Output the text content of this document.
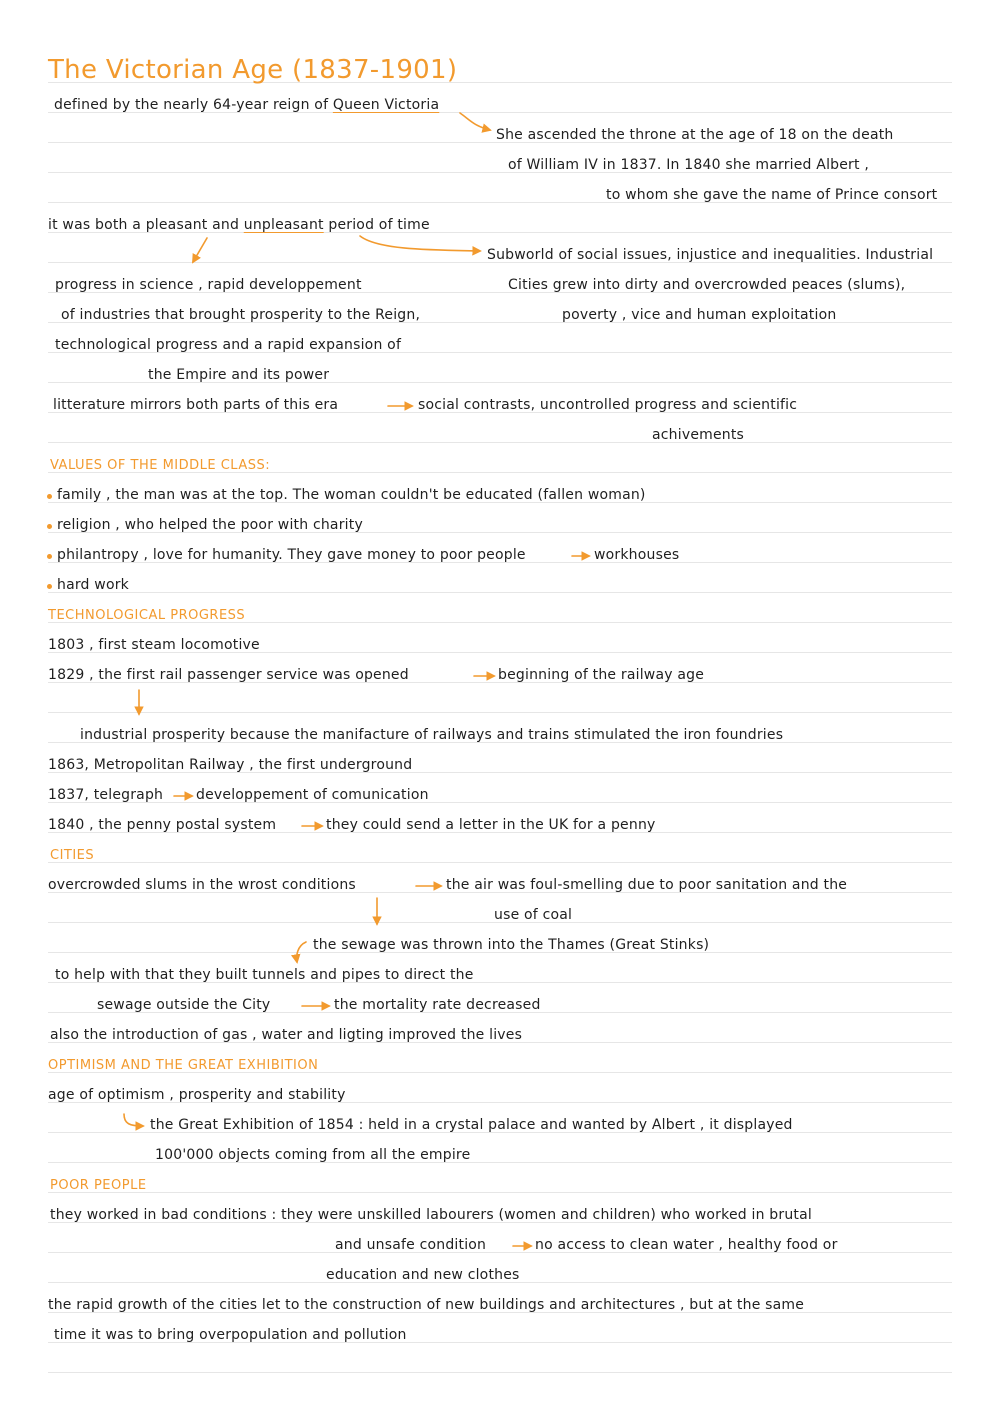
The Victorian Age (1837-1901)
defined by the nearly 64-year reign of Queen Victoria
She ascended the throne at the age of 18 on the death
of William IV in 1837. In 1840 she married Albert ,
to whom she gave the name of Prince consort
it was both a pleasant and unpleasant period of time
Subworld of social issues, injustice and inequalities. Industrial
Cities grew into dirty and overcrowded peaces (slums),
poverty , vice and human exploitation
progress in science , rapid developpement
of industries that brought prosperity to the Reign,
technological progress and a rapid expansion of
the Empire and its power
litterature mirrors both parts of this era	social contrasts, uncontrolled progress and scientific
achivements
VALUES OF THE MIDDLE CLASS:
family , the man was at the top. The woman couldn't be educated (fallen woman)
religion , who helped the poor with charity
philantropy , love for humanity. They gave money to poor people	workhouses
hard work
TECHNOLOGICAL PROGRESS
1803 , first steam locomotive
1829 , the first rail passenger service was opened	beginning of the railway age
industrial prosperity because the manifacture of railways and trains stimulated the iron foundries
1863, Metropolitan Railway , the first underground
1837, telegraph developpement of comunication
1840 , the penny postal system	they could send a letter in the UK for a penny
CITIES
overcrowded slums in the wrost conditions	the air was foul-smelling due to poor sanitation and the
use of coal
the sewage was thrown into the Thames (Great Stinks)
to help with that they built tunnels and pipes to direct the
sewage outside the City	the mortality rate decreased
also the introduction of gas , water and ligting improved the lives
OPTIMISM AND THE GREAT EXHIBITION
age of optimism , prosperity and stability
the Great Exhibition of 1854 : held in a crystal palace and wanted by Albert , it displayed
100'000 objects coming from all the empire
POOR PEOPLE
they worked in bad conditions : they were unskilled labourers (women and children) who worked in brutal
and unsafe condition	no access to clean water , healthy food or
education and new clothes
the rapid growth of the cities let to the construction of new buildings and architectures , but at the same
time it was to bring overpopulation and pollution
